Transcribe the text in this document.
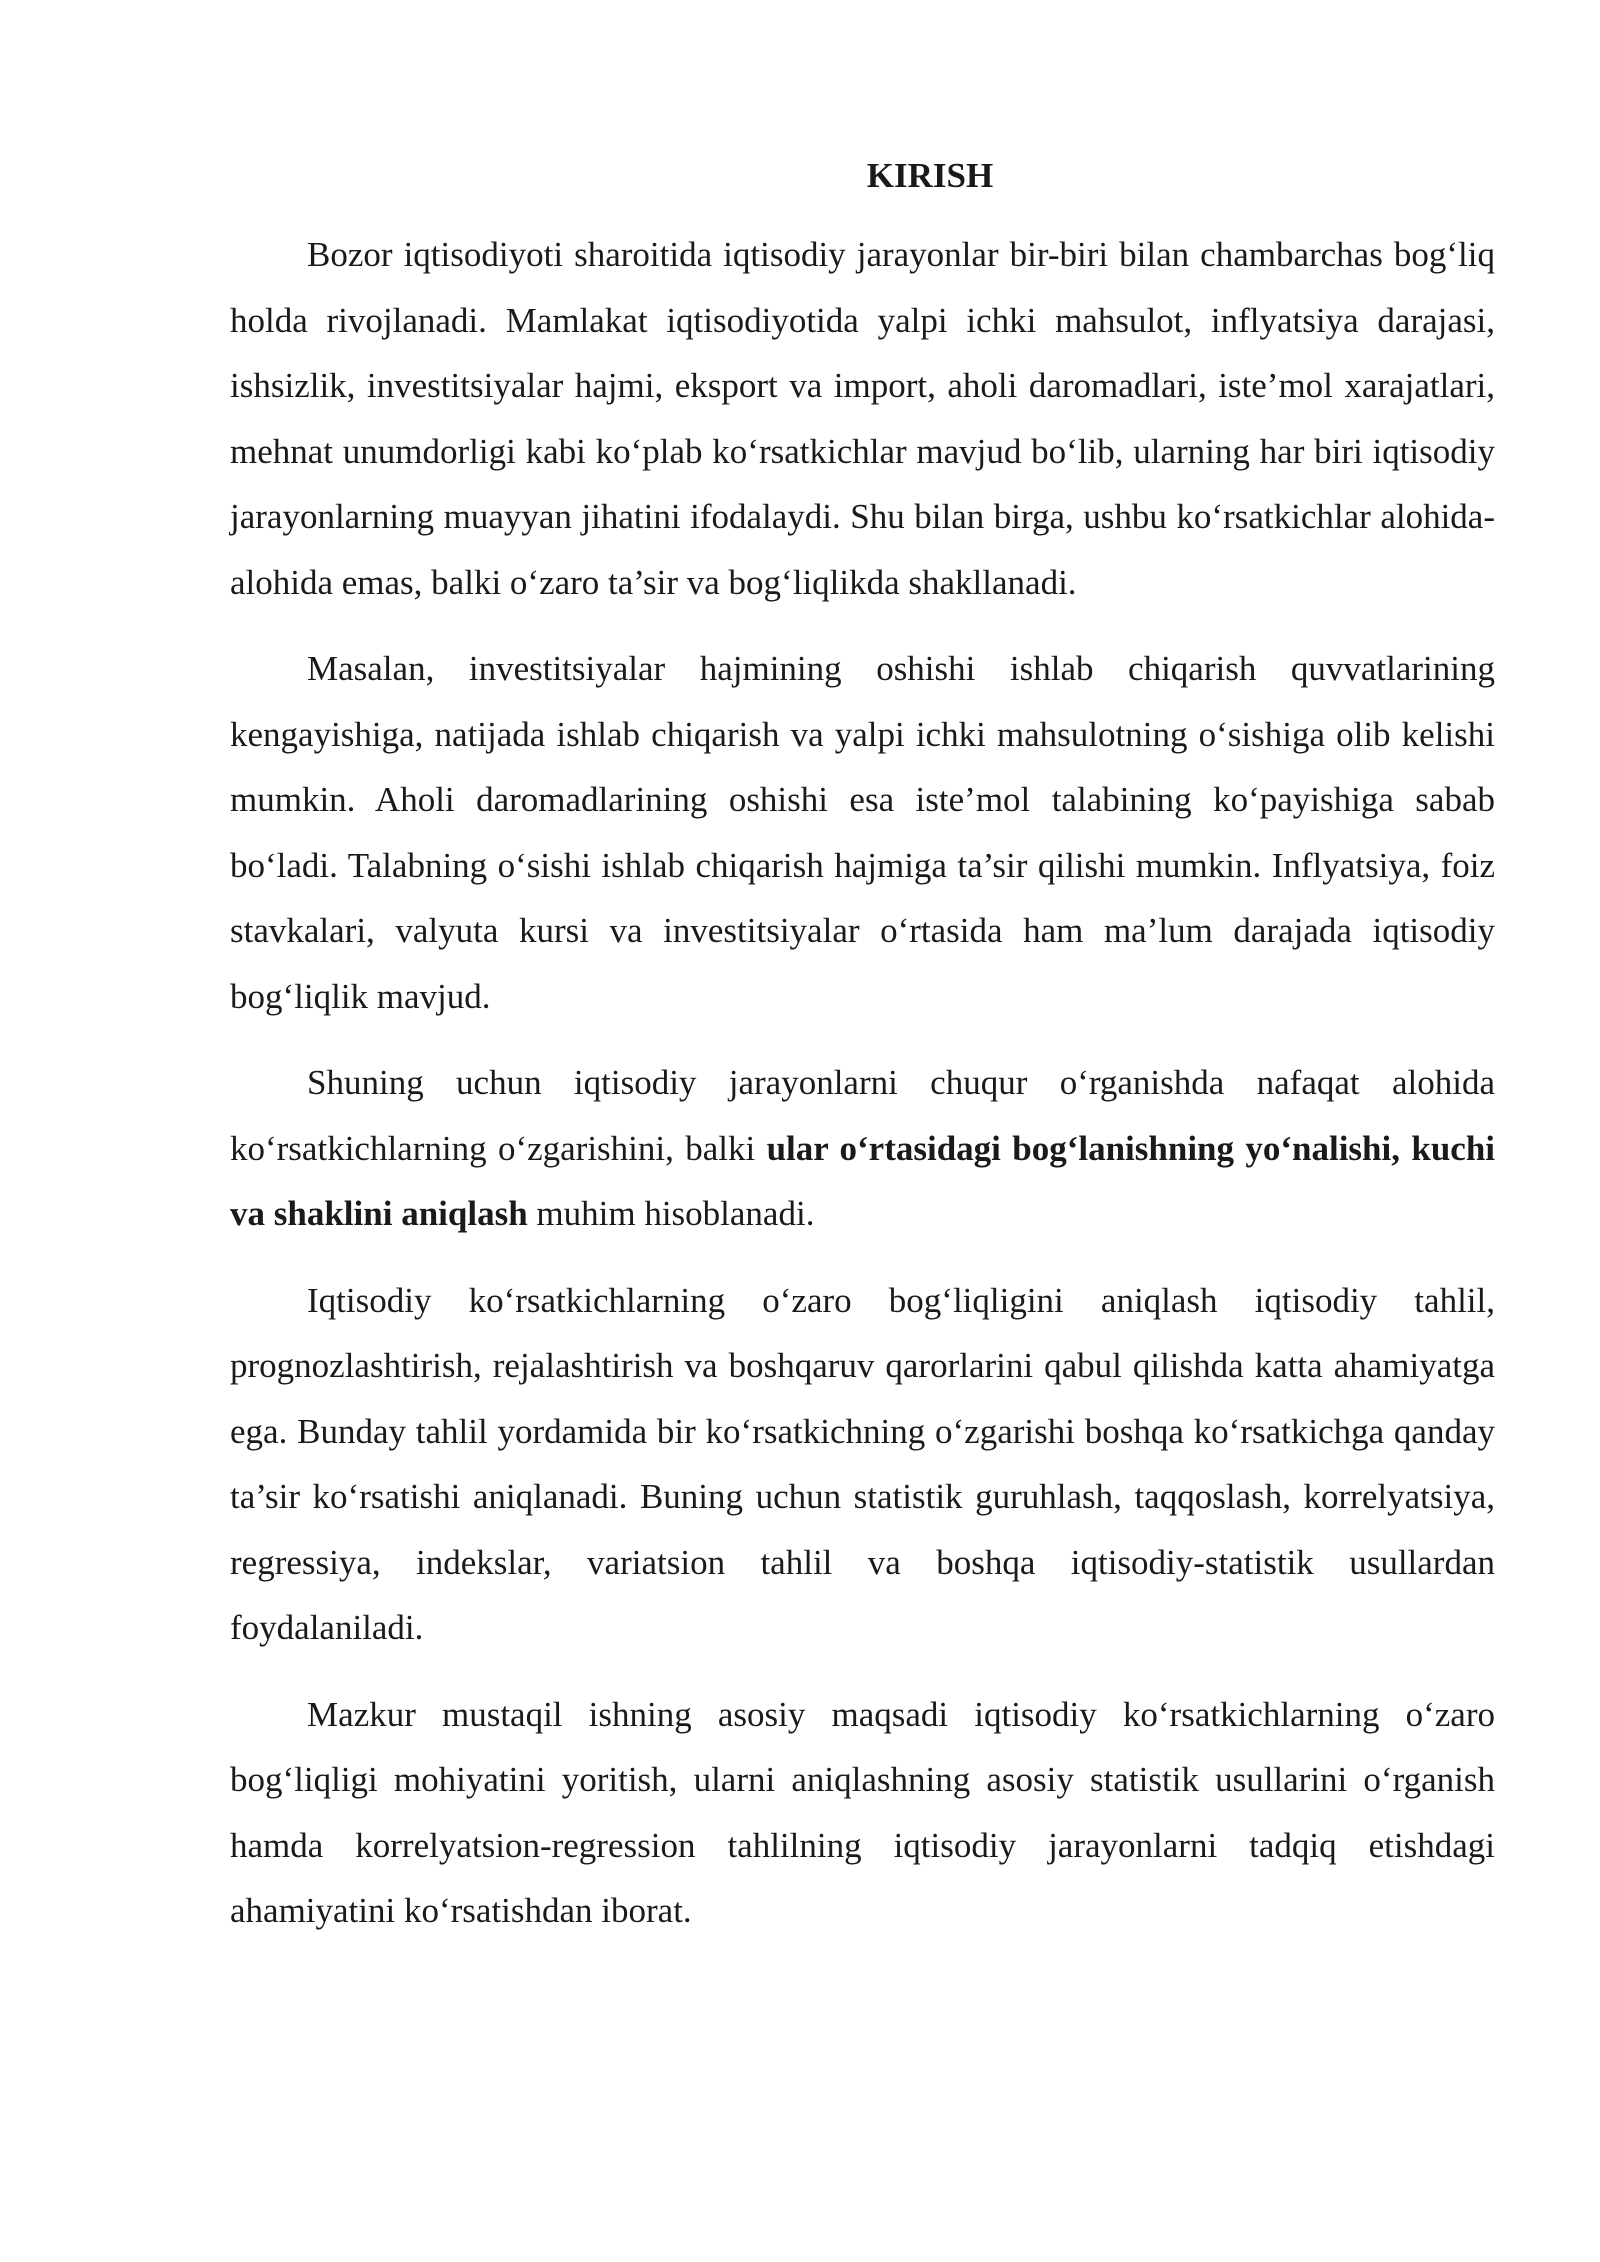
KIRISH

Bozor iqtisodiyoti sharoitida iqtisodiy jarayonlar bir-biri bilan chambarchas bog‘liq holda rivojlanadi. Mamlakat iqtisodiyotida yalpi ichki mahsulot, inflyatsiya darajasi, ishsizlik, investitsiyalar hajmi, eksport va import, aholi daromadlari, iste’mol xarajatlari, mehnat unumdorligi kabi ko‘plab ko‘rsatkichlar mavjud bo‘lib, ularning har biri iqtisodiy jarayonlarning muayyan jihatini ifodalaydi. Shu bilan birga, ushbu ko‘rsatkichlar alohida-alohida emas, balki o‘zaro ta’sir va bog‘liqlikda shakllanadi.

Masalan, investitsiyalar hajmining oshishi ishlab chiqarish quvvatlarining kengayishiga, natijada ishlab chiqarish va yalpi ichki mahsulotning o‘sishiga olib kelishi mumkin. Aholi daromadlarining oshishi esa iste’mol talabining ko‘payishiga sabab bo‘ladi. Talabning o‘sishi ishlab chiqarish hajmiga ta’sir qilishi mumkin. Inflyatsiya, foiz stavkalari, valyuta kursi va investitsiyalar o‘rtasida ham ma’lum darajada iqtisodiy bog‘liqlik mavjud.

Shuning uchun iqtisodiy jarayonlarni chuqur o‘rganishda nafaqat alohida ko‘rsatkichlarning o‘zgarishini, balki ular o‘rtasidagi bog‘lanishning yo‘nalishi, kuchi va shaklini aniqlash muhim hisoblanadi.

Iqtisodiy ko‘rsatkichlarning o‘zaro bog‘liqligini aniqlash iqtisodiy tahlil, prognozlashtirish, rejalashtirish va boshqaruv qarorlarini qabul qilishda katta ahamiyatga ega. Bunday tahlil yordamida bir ko‘rsatkichning o‘zgarishi boshqa ko‘rsatkichga qanday ta’sir ko‘rsatishi aniqlanadi. Buning uchun statistik guruhlash, taqqoslash, korrelyatsiya, regressiya, indekslar, variatsion tahlil va boshqa iqtisodiy-statistik usullardan foydalaniladi.

Mazkur mustaqil ishning asosiy maqsadi iqtisodiy ko‘rsatkichlarning o‘zaro bog‘liqligi mohiyatini yoritish, ularni aniqlashning asosiy statistik usullarini o‘rganish hamda korrelyatsion-regression tahlilning iqtisodiy jarayonlarni tadqiq etishdagi ahamiyatini ko‘rsatishdan iborat.
